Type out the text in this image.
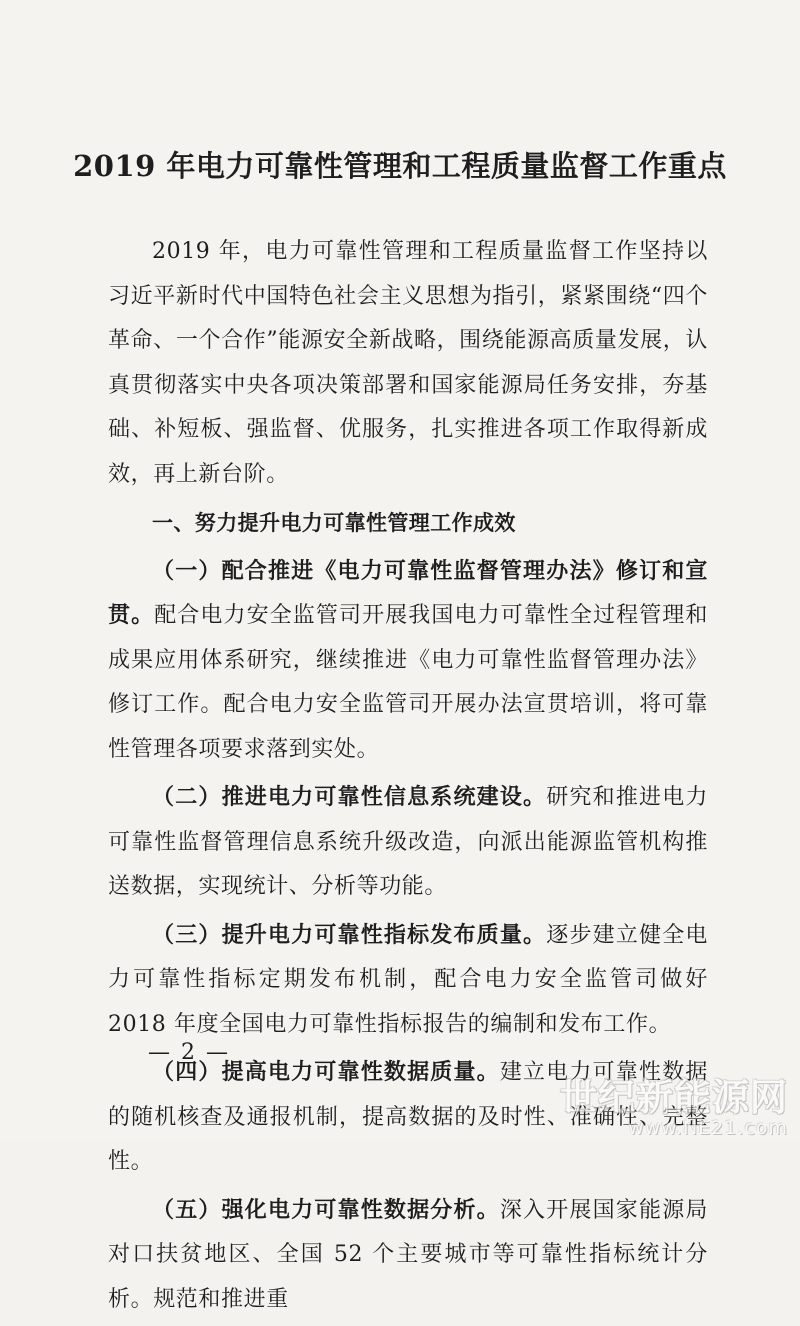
2019 年电力可靠性管理和工程质量监督工作重点

2019 年，电力可靠性管理和工程质量监督工作坚持以习近平新时代中国特色社会主义思想为指引，紧紧围绕“四个革命、一个合作”能源安全新战略，围绕能源高质量发展，认真贯彻落实中央各项决策部署和国家能源局任务安排，夯基础、补短板、强监督、优服务，扎实推进各项工作取得新成效，再上新台阶。

一、努力提升电力可靠性管理工作成效

（一）配合推进《电力可靠性监督管理办法》修订和宣贯。配合电力安全监管司开展我国电力可靠性全过程管理和成果应用体系研究，继续推进《电力可靠性监督管理办法》修订工作。配合电力安全监管司开展办法宣贯培训，将可靠性管理各项要求落到实处。

（二）推进电力可靠性信息系统建设。研究和推进电力可靠性监督管理信息系统升级改造，向派出能源监管机构推送数据，实现统计、分析等功能。

（三）提升电力可靠性指标发布质量。逐步建立健全电力可靠性指标定期发布机制，配合电力安全监管司做好 2018 年度全国电力可靠性指标报告的编制和发布工作。

（四）提高电力可靠性数据质量。建立电力可靠性数据的随机核查及通报机制，提高数据的及时性、准确性、完整性。

（五）强化电力可靠性数据分析。深入开展国家能源局对口扶贫地区、全国 52 个主要城市等可靠性指标统计分析。规范和推进重

— 2 —
世纪新能源网
www.NE21.com
